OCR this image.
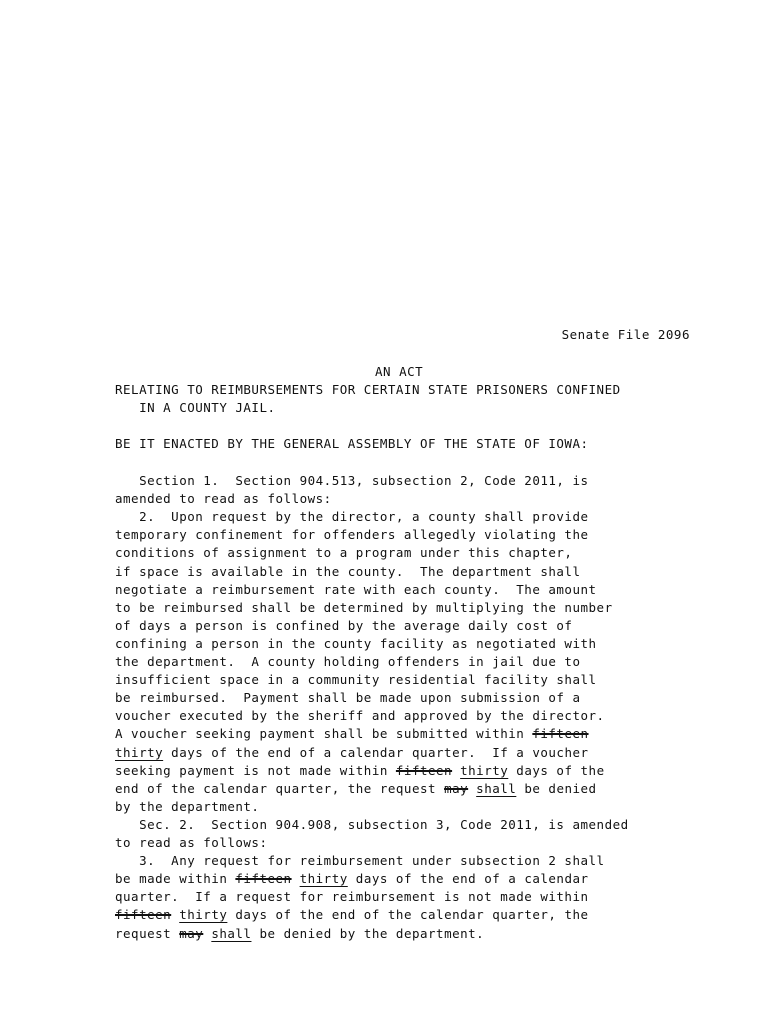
Senate File 2096
AN ACT
RELATING TO REIMBURSEMENTS FOR CERTAIN STATE PRISONERS CONFINED
IN A COUNTY JAIL.
BE IT ENACTED BY THE GENERAL ASSEMBLY OF THE STATE OF IOWA:
Section 1.  Section 904.513, subsection 2, Code 2011, is
amended to read as follows:
2.  Upon request by the director, a county shall provide
temporary confinement for offenders allegedly violating the
conditions of assignment to a program under this chapter,
if space is available in the county.  The department shall
negotiate a reimbursement rate with each county.  The amount
to be reimbursed shall be determined by multiplying the number
of days a person is confined by the average daily cost of
confining a person in the county facility as negotiated with
the department.  A county holding offenders in jail due to
insufficient space in a community residential facility shall
be reimbursed.  Payment shall be made upon submission of a
voucher executed by the sheriff and approved by the director.
A voucher seeking payment shall be submitted within fifteen
thirty days of the end of a calendar quarter.  If a voucher
seeking payment is not made within fifteen thirty days of the
end of the calendar quarter, the request may shall be denied
by the department.
Sec. 2.  Section 904.908, subsection 3, Code 2011, is amended
to read as follows:
3.  Any request for reimbursement under subsection 2 shall
be made within fifteen thirty days of the end of a calendar
quarter.  If a request for reimbursement is not made within
fifteen thirty days of the end of the calendar quarter, the
request may shall be denied by the department.
